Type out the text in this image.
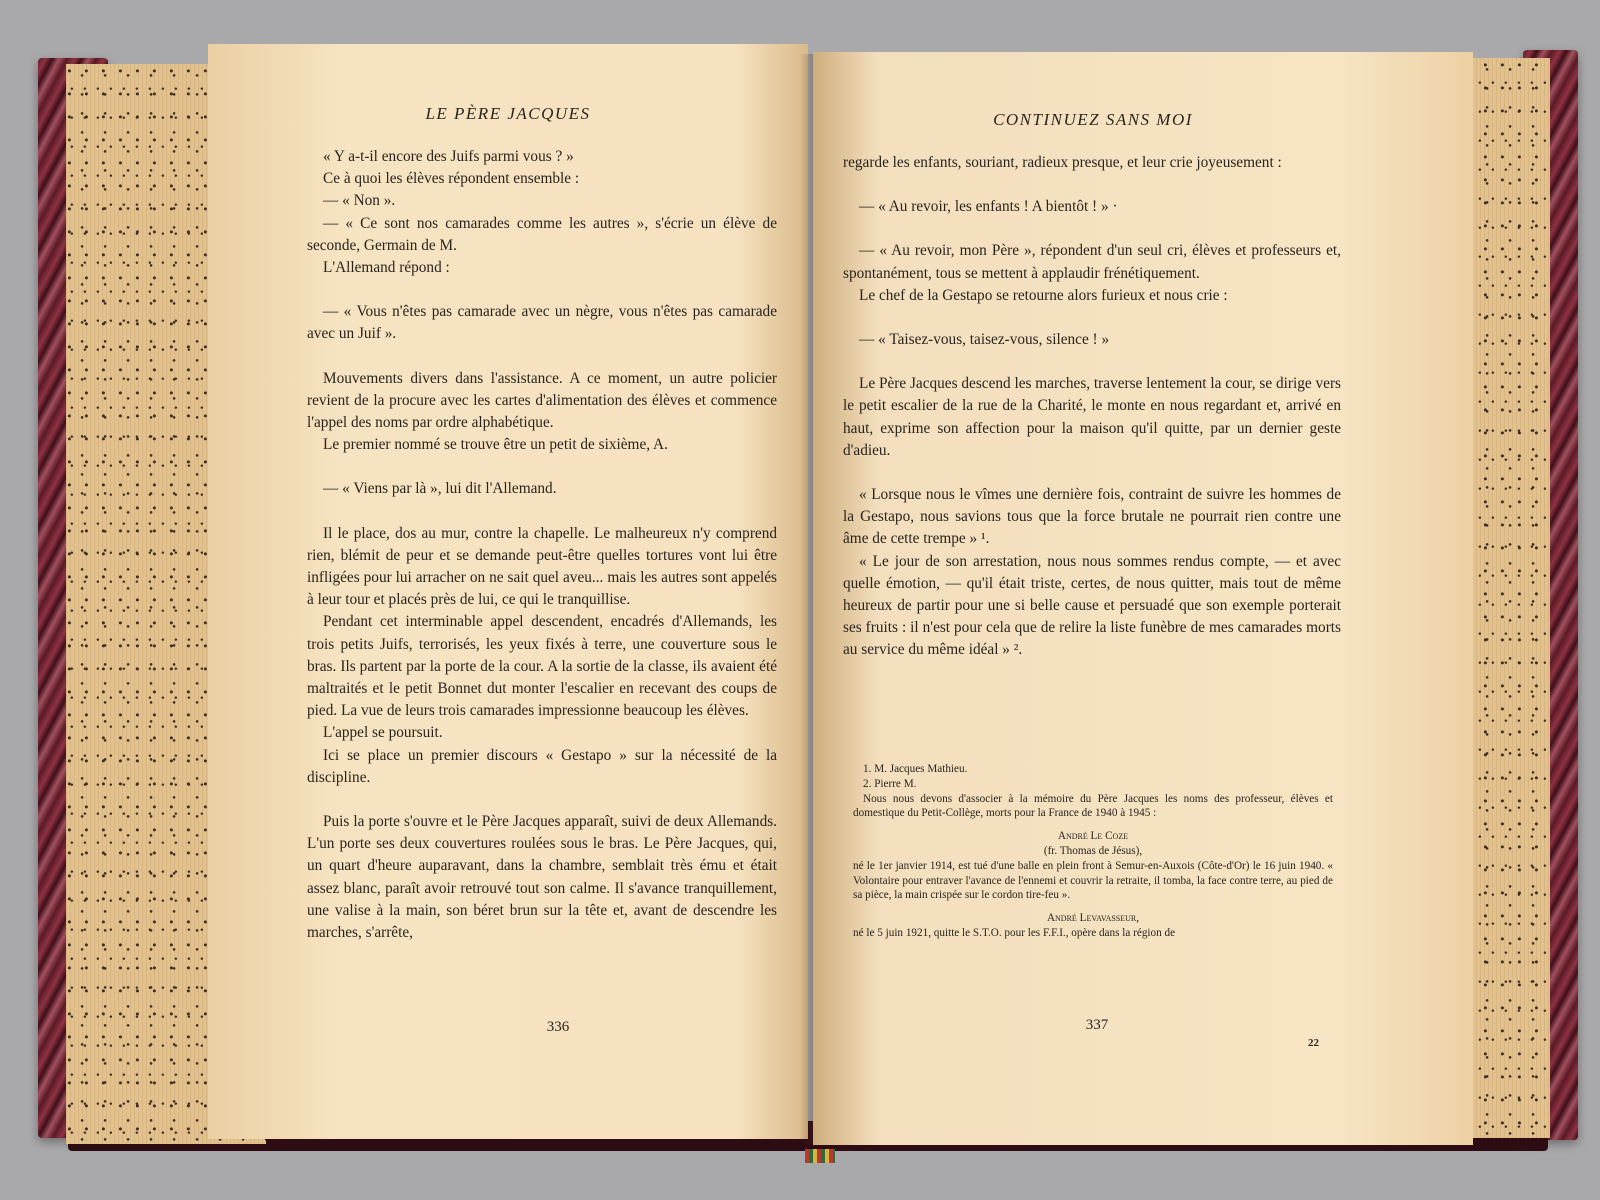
LE PÈRE JACQUES

« Y a-t-il encore des Juifs parmi vous ? »

Ce à quoi les élèves répondent ensemble :

— « Non ».

— « Ce sont nos camarades comme les autres », s'écrie un élève de seconde, Germain de M.

L'Allemand répond :

— « Vous n'êtes pas camarade avec un nègre, vous n'êtes pas camarade avec un Juif ».

Mouvements divers dans l'assistance. A ce moment, un autre policier revient de la procure avec les cartes d'alimentation des élèves et commence l'appel des noms par ordre alphabétique.

Le premier nommé se trouve être un petit de sixième, A.

— « Viens par là », lui dit l'Allemand.

Il le place, dos au mur, contre la chapelle. Le malheureux n'y comprend rien, blémit de peur et se demande peut-être quelles tortures vont lui être infligées pour lui arracher on ne sait quel aveu... mais les autres sont appelés à leur tour et placés près de lui, ce qui le tranquillise.

Pendant cet interminable appel descendent, encadrés d'Allemands, les trois petits Juifs, terrorisés, les yeux fixés à terre, une couverture sous le bras. Ils partent par la porte de la cour. A la sortie de la classe, ils avaient été maltraités et le petit Bonnet dut monter l'escalier en recevant des coups de pied. La vue de leurs trois camarades impressionne beaucoup les élèves.

L'appel se poursuit.

Ici se place un premier discours « Gestapo » sur la nécessité de la discipline.

Puis la porte s'ouvre et le Père Jacques apparaît, suivi de deux Allemands. L'un porte ses deux couvertures roulées sous le bras. Le Père Jacques, qui, un quart d'heure auparavant, dans la chambre, semblait très ému et était assez blanc, paraît avoir retrouvé tout son calme. Il s'avance tranquillement, une valise à la main, son béret brun sur la tête et, avant de descendre les marches, s'arrête,

336
CONTINUEZ SANS MOI

regarde les enfants, souriant, radieux presque, et leur crie joyeusement :

— « Au revoir, les enfants ! A bientôt ! » ·

— « Au revoir, mon Père », répondent d'un seul cri, élèves et professeurs et, spontanément, tous se mettent à applaudir frénétiquement.

Le chef de la Gestapo se retourne alors furieux et nous crie :

— « Taisez-vous, taisez-vous, silence ! »

Le Père Jacques descend les marches, traverse lentement la cour, se dirige vers le petit escalier de la rue de la Charité, le monte en nous regardant et, arrivé en haut, exprime son affection pour la maison qu'il quitte, par un dernier geste d'adieu.

« Lorsque nous le vîmes une dernière fois, contraint de suivre les hommes de la Gestapo, nous savions tous que la force brutale ne pourrait rien contre une âme de cette trempe » ¹.

« Le jour de son arrestation, nous nous sommes rendus compte, — et avec quelle émotion, — qu'il était triste, certes, de nous quitter, mais tout de même heureux de partir pour une si belle cause et persuadé que son exemple porterait ses fruits : il n'est pour cela que de relire la liste funèbre de mes camarades morts au service du même idéal » ².

1. M. Jacques Mathieu.

2. Pierre M.

Nous nous devons d'associer à la mémoire du Père Jacques les noms des professeur, élèves et domestique du Petit-Collège, morts pour la France de 1940 à 1945 :

André Le Coze

(fr. Thomas de Jésus),

né le 1er janvier 1914, est tué d'une balle en plein front à Semur-en-Auxois (Côte-d'Or) le 16 juin 1940. « Volontaire pour entraver l'avance de l'ennemi et couvrir la retraite, il tomba, la face contre terre, au pied de sa pièce, la main crispée sur le cordon tire-feu ».

André Levavasseur,

né le 5 juin 1921, quitte le S.T.O. pour les F.F.I., opère dans la région de

337
22
